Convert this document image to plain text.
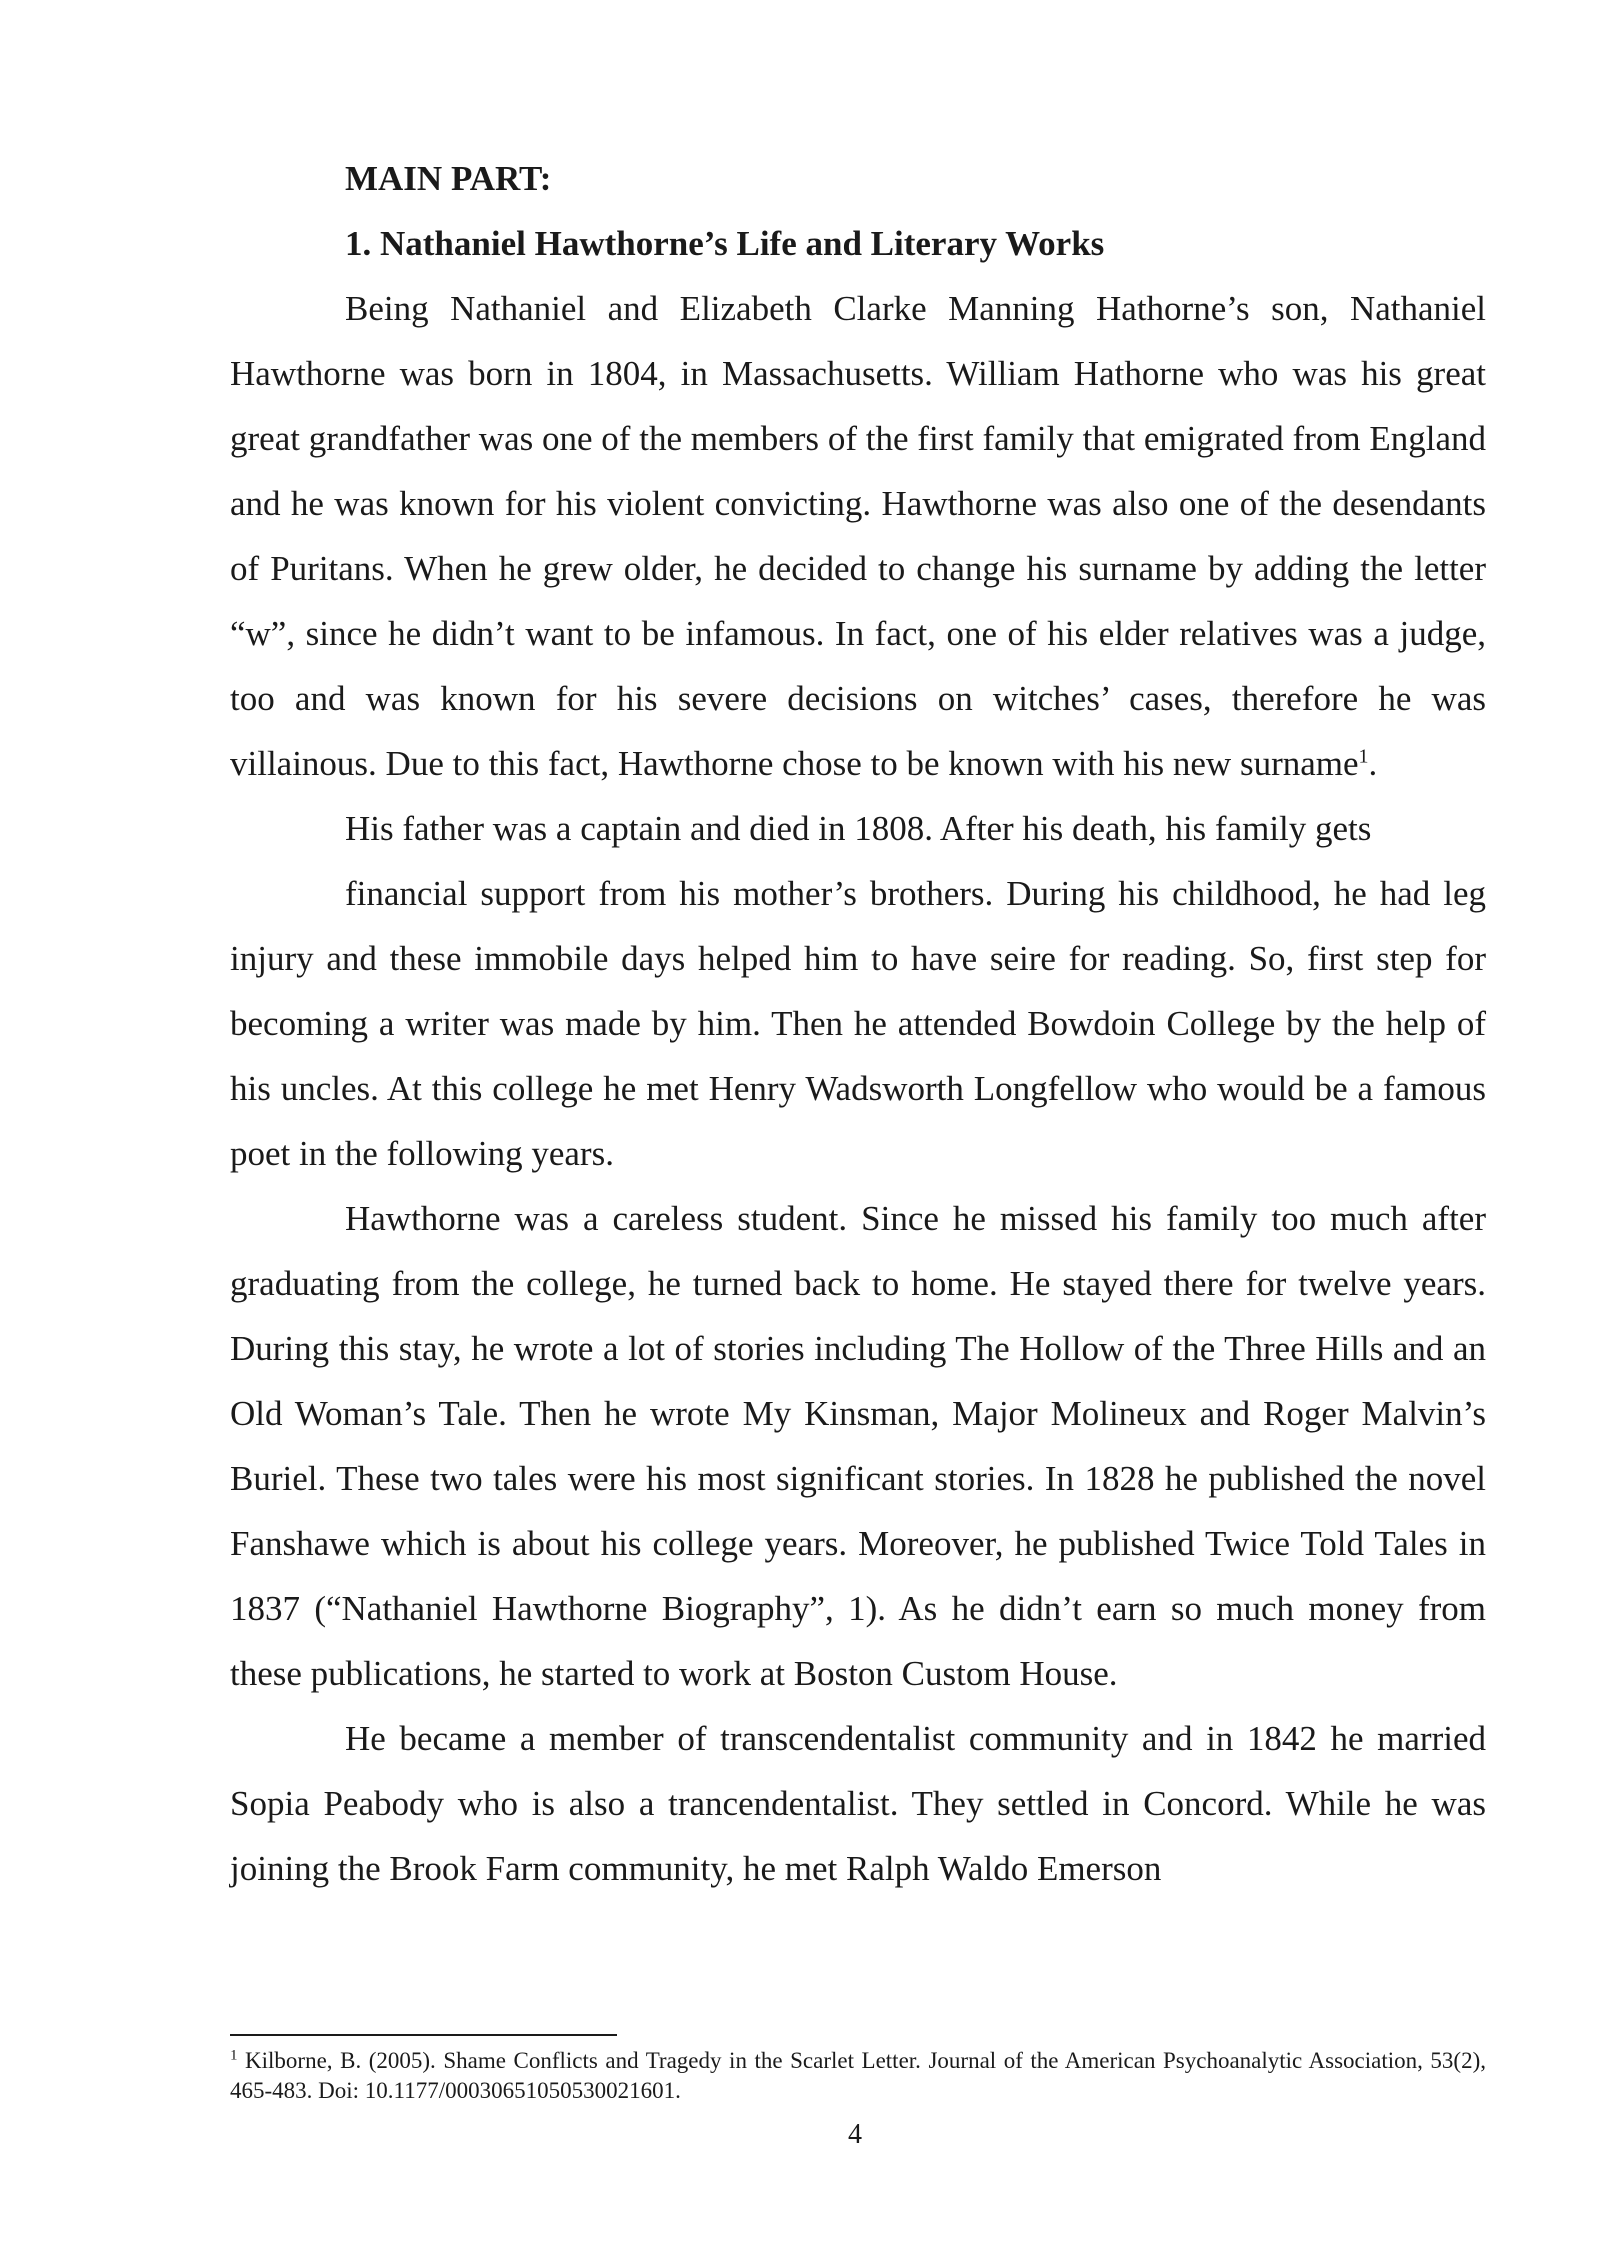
MAIN PART:

1. Nathaniel Hawthorne’s Life and Literary Works

Being Nathaniel and Elizabeth Clarke Manning Hathorne’s son, Nathaniel Hawthorne was born in 1804, in Massachusetts. William Hathorne who was his great great grandfather was one of the members of the first family that emigrated from England and he was known for his violent convicting. Hawthorne was also one of the desendants of Puritans. When he grew older, he decided to change his surname by adding the letter “w”, since he didn’t want to be infamous. In fact, one of his elder relatives was a judge, too and was known for his severe decisions on witches’ cases, therefore he was villainous. Due to this fact, Hawthorne chose to be known with his new surname$^1$.

His father was a captain and died in 1808. After his death, his family gets

financial support from his mother’s brothers. During his childhood, he had leg injury and these immobile days helped him to have seire for reading. So, first step for becoming a writer was made by him. Then he attended Bowdoin College by the help of his uncles. At this college he met Henry Wadsworth Longfellow who would be a famous poet in the following years.

Hawthorne was a careless student. Since he missed his family too much after graduating from the college, he turned back to home. He stayed there for twelve years. During this stay, he wrote a lot of stories including The Hollow of the Three Hills and an Old Woman’s Tale. Then he wrote My Kinsman, Major Molineux and Roger Malvin’s Buriel. These two tales were his most significant stories. In 1828 he published the novel Fanshawe which is about his college years. Moreover, he published Twice Told Tales in 1837 (“Nathaniel Hawthorne Biography”, 1). As he didn’t earn so much money from these publications, he started to work at Boston Custom House.

He became a member of transcendentalist community and in 1842 he married Sopia Peabody who is also a trancendentalist. They settled in Concord. While he was joining the Brook Farm community, he met Ralph Waldo Emerson

$^1$ Kilborne, B. (2005). Shame Conflicts and Tragedy in the Scarlet Letter. Journal of the American Psychoanalytic Association, 53(2), 465-483. Doi: 10.1177/00030651050530021601.

4
